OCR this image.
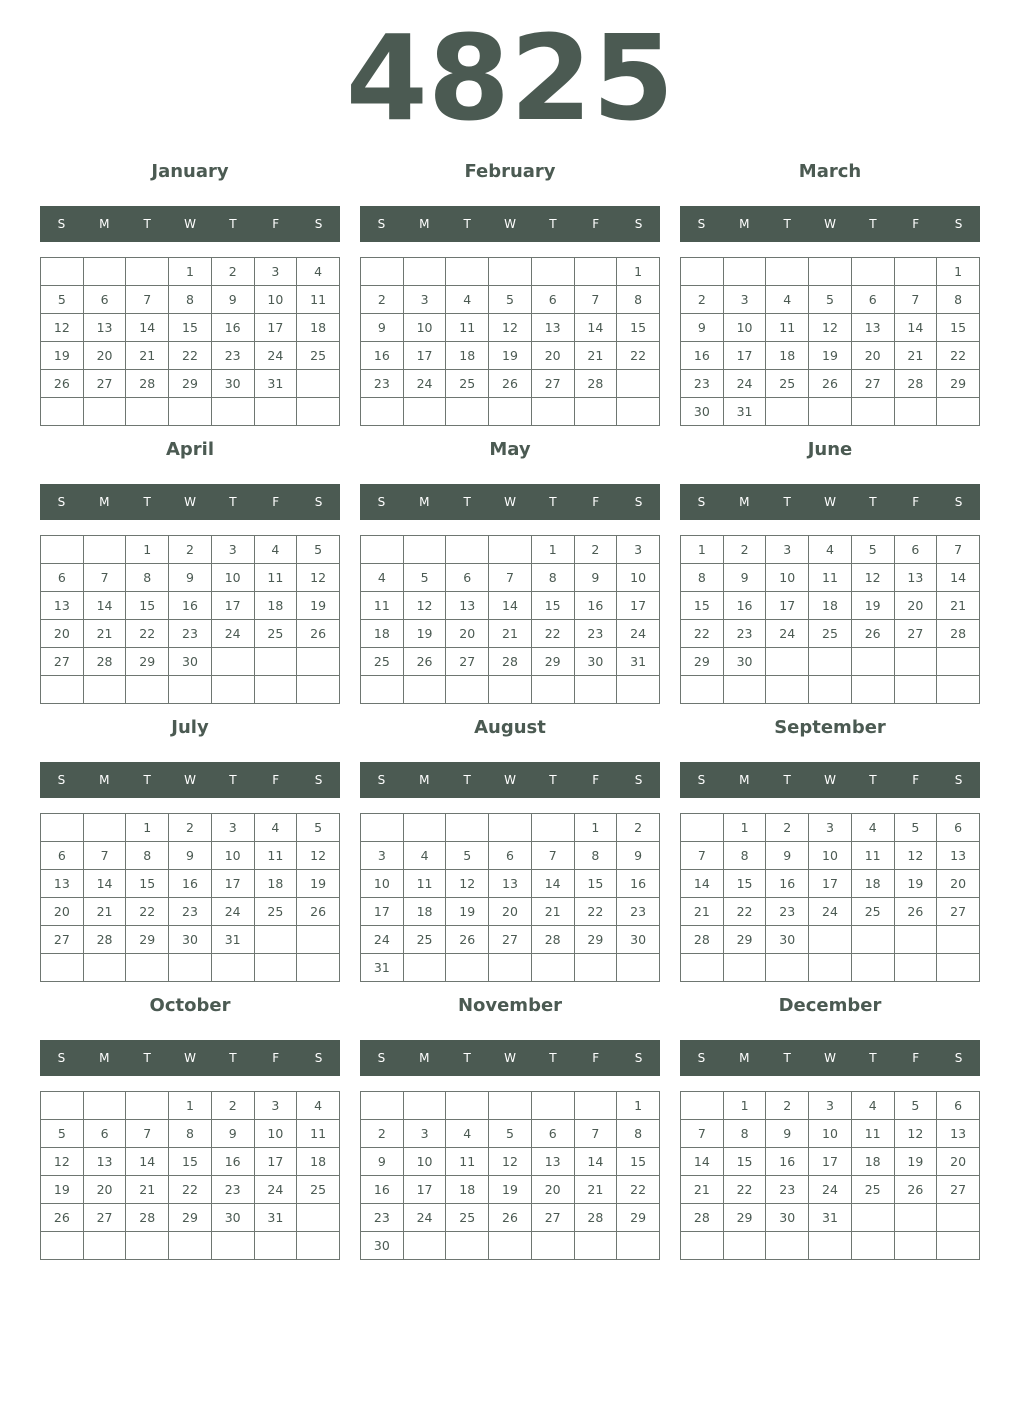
4825
January
S	M	T	W	T	F	S
			1	2	3	4
5	6	7	8	9	10	11
12	13	14	15	16	17	18
19	20	21	22	23	24	25
26	27	28	29	30	31	

February
S	M	T	W	T	F	S
						1
2	3	4	5	6	7	8
9	10	11	12	13	14	15
16	17	18	19	20	21	22
23	24	25	26	27	28	

March
S	M	T	W	T	F	S
						1
2	3	4	5	6	7	8
9	10	11	12	13	14	15
16	17	18	19	20	21	22
23	24	25	26	27	28	29
30	31					
April
S	M	T	W	T	F	S
		1	2	3	4	5
6	7	8	9	10	11	12
13	14	15	16	17	18	19
20	21	22	23	24	25	26
27	28	29	30			

May
S	M	T	W	T	F	S
				1	2	3
4	5	6	7	8	9	10
11	12	13	14	15	16	17
18	19	20	21	22	23	24
25	26	27	28	29	30	31

June
S	M	T	W	T	F	S
1	2	3	4	5	6	7
8	9	10	11	12	13	14
15	16	17	18	19	20	21
22	23	24	25	26	27	28
29	30					

July
S	M	T	W	T	F	S
		1	2	3	4	5
6	7	8	9	10	11	12
13	14	15	16	17	18	19
20	21	22	23	24	25	26
27	28	29	30	31		

August
S	M	T	W	T	F	S
					1	2
3	4	5	6	7	8	9
10	11	12	13	14	15	16
17	18	19	20	21	22	23
24	25	26	27	28	29	30
31						
September
S	M	T	W	T	F	S
	1	2	3	4	5	6
7	8	9	10	11	12	13
14	15	16	17	18	19	20
21	22	23	24	25	26	27
28	29	30				

October
S	M	T	W	T	F	S
			1	2	3	4
5	6	7	8	9	10	11
12	13	14	15	16	17	18
19	20	21	22	23	24	25
26	27	28	29	30	31	

November
S	M	T	W	T	F	S
						1
2	3	4	5	6	7	8
9	10	11	12	13	14	15
16	17	18	19	20	21	22
23	24	25	26	27	28	29
30						
December
S	M	T	W	T	F	S
	1	2	3	4	5	6
7	8	9	10	11	12	13
14	15	16	17	18	19	20
21	22	23	24	25	26	27
28	29	30	31			
